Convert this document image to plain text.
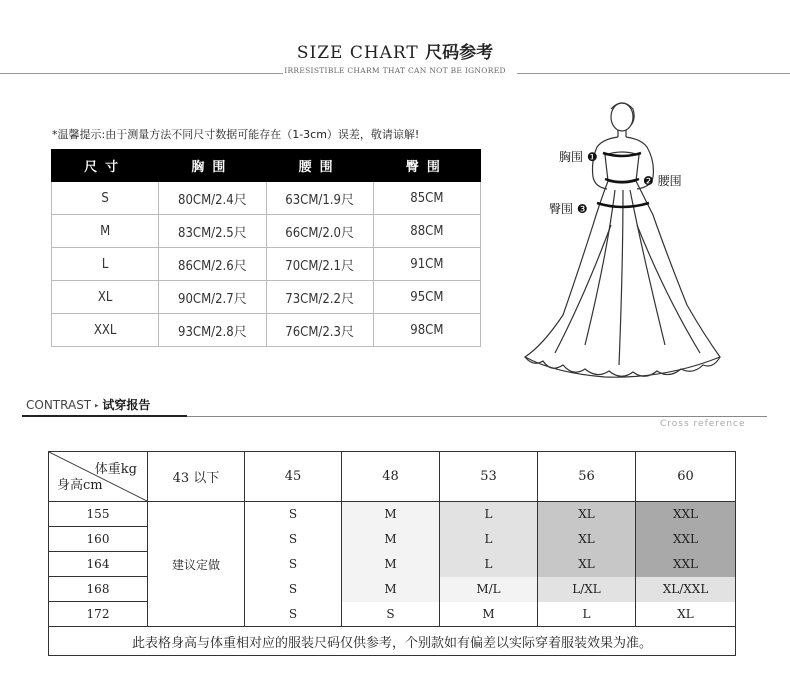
SIZE CHART 尺码参考
IRRESISTIBLE CHARM THAT CAN NOT BE IGNORED
*温馨提示:由于测量方法不同尺寸数据可能存在（1-3cm）误差，敬请谅解!
尺寸	胸围	腰围	臀围
S	80CM/2.4尺	63CM/1.9尺	85CM
M	83CM/2.5尺	66CM/2.0尺	88CM
L	86CM/2.6尺	70CM/2.1尺	91CM
XL	90CM/2.7尺	73CM/2.2尺	95CM
XXL	93CM/2.8尺	76CM/2.3尺	98CM
胸围 ❶
❷ 腰围
臀围 ❸
CONTRAST ▸ 试穿报告
Cross reference
体重kg
身高cm	43 以下	45	48	53	56	60
155	建议定做	S	M	L	XL	XXL
160		S	M	L	XL	XXL
164		S	M	L	XL	XXL
168		S	M	M/L	L/XL	XL/XXL
172		S	S	M	L	XL
此表格身高与体重相对应的服装尺码仅供参考，个别款如有偏差以实际穿着服装效果为准。						
